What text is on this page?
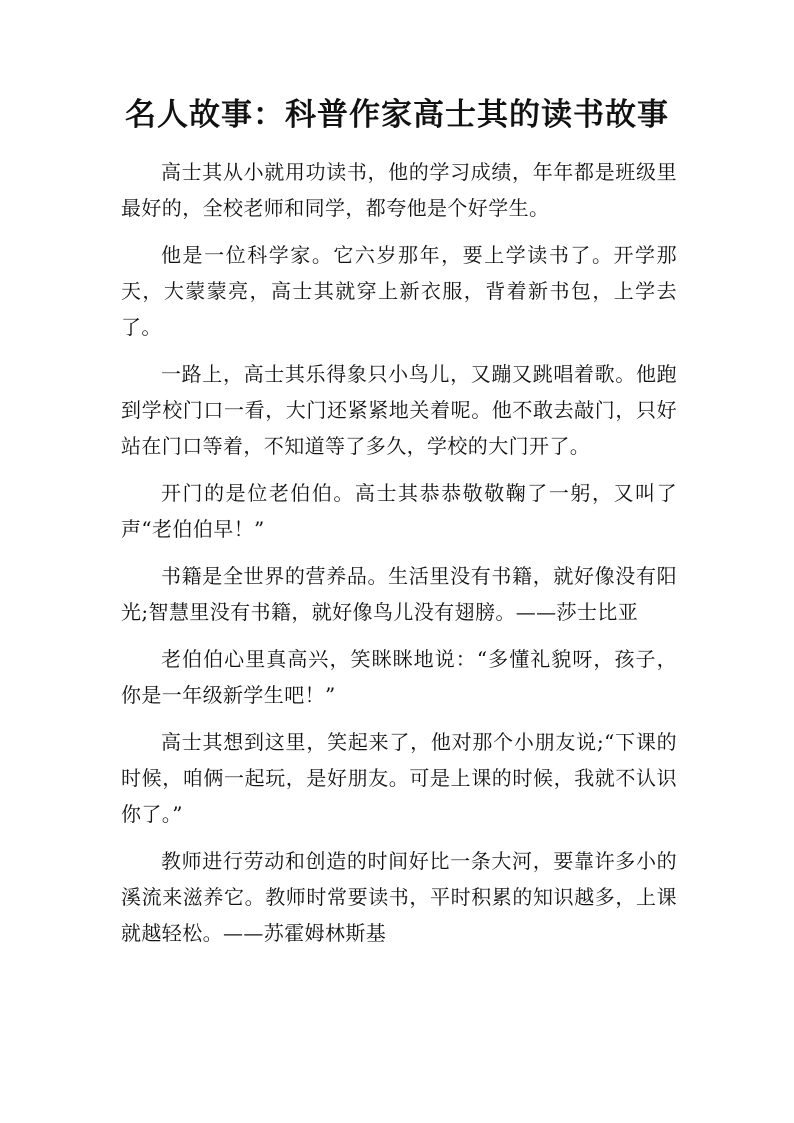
名人故事：科普作家高士其的读书故事

高士其从小就用功读书，他的学习成绩，年年都是班级里最好的，全校老师和同学，都夸他是个好学生。

他是一位科学家。它六岁那年，要上学读书了。开学那天，大蒙蒙亮，高士其就穿上新衣服，背着新书包，上学去了。

一路上，高士其乐得象只小鸟儿，又蹦又跳唱着歌。他跑到学校门口一看，大门还紧紧地关着呢。他不敢去敲门，只好站在门口等着，不知道等了多久，学校的大门开了。

开门的是位老伯伯。高士其恭恭敬敬鞠了一躬，又叫了声“老伯伯早！”

书籍是全世界的营养品。生活里没有书籍，就好像没有阳光;智慧里没有书籍，就好像鸟儿没有翅膀。——莎士比亚

老伯伯心里真高兴，笑眯眯地说：“多懂礼貌呀，孩子，你是一年级新学生吧！”

高士其想到这里，笑起来了，他对那个小朋友说;“下课的时候，咱俩一起玩，是好朋友。可是上课的时候，我就不认识你了。”

教师进行劳动和创造的时间好比一条大河，要靠许多小的溪流来滋养它。教师时常要读书，平时积累的知识越多，上课就越轻松。——苏霍姆林斯基
